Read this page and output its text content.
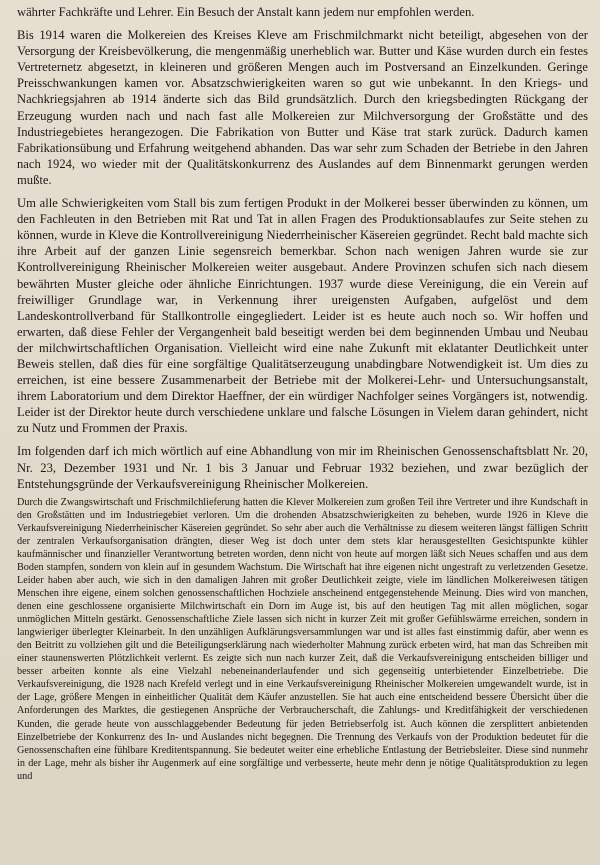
währter Fachkräfte und Lehrer. Ein Besuch der Anstalt kann jedem nur empfohlen werden.

Bis 1914 waren die Molkereien des Kreises Kleve am Frischmilchmarkt nicht beteiligt, abgesehen von der Versorgung der Kreisbevölkerung, die mengenmäßig unerheblich war. Butter und Käse wurden durch ein festes Vertreternetz abgesetzt, in kleineren und größeren Mengen auch im Postversand an Einzelkunden. Geringe Preisschwankungen kamen vor. Absatzschwierigkeiten waren so gut wie unbekannt. In den Kriegs- und Nachkriegsjahren ab 1914 änderte sich das Bild grundsätzlich. Durch den kriegsbedingten Rückgang der Erzeugung wurden nach und nach fast alle Molkereien zur Milchversorgung der Großstätte und des Industriegebietes herangezogen. Die Fabrikation von Butter und Käse trat stark zurück. Dadurch kamen Fabrikationsübung und Erfahrung weitgehend abhanden. Das war sehr zum Schaden der Betriebe in den Jahren nach 1924, wo wieder mit der Qualitätskonkurrenz des Auslandes auf dem Binnenmarkt gerungen werden mußte.

Um alle Schwierigkeiten vom Stall bis zum fertigen Produkt in der Molkerei besser überwinden zu können, um den Fachleuten in den Betrieben mit Rat und Tat in allen Fragen des Produktionsablaufes zur Seite stehen zu können, wurde in Kleve die Kontrollvereinigung Niederrheinischer Käsereien gegründet. Recht bald machte sich ihre Arbeit auf der ganzen Linie segensreich bemerkbar. Schon nach wenigen Jahren wurde sie zur Kontrollvereinigung Rheinischer Molkereien weiter ausgebaut. Andere Provinzen schufen sich nach diesem bewährten Muster gleiche oder ähnliche Einrichtungen. 1937 wurde diese Vereinigung, die ein Verein auf freiwilliger Grundlage war, in Verkennung ihrer ureigensten Aufgaben, aufgelöst und dem Landeskontrollverband für Stallkontrolle eingegliedert. Leider ist es heute auch noch so. Wir hoffen und erwarten, daß diese Fehler der Vergangenheit bald beseitigt werden bei dem beginnenden Umbau und Neubau der milchwirtschaftlichen Organisation. Vielleicht wird eine nahe Zukunft mit eklatanter Deutlichkeit unter Beweis stellen, daß dies für eine sorgfältige Qualitätserzeugung unabdingbare Notwendigkeit ist. Um dies zu erreichen, ist eine bessere Zusammenarbeit der Betriebe mit der Molkerei-Lehr- und Untersuchungsanstalt, ihrem Laboratorium und dem Direktor Haeffner, der ein würdiger Nachfolger seines Vorgängers ist, notwendig. Leider ist der Direktor heute durch verschiedene unklare und falsche Lösungen in Vielem daran gehindert, nicht zu Nutz und Frommen der Praxis.

Im folgenden darf ich mich wörtlich auf eine Abhandlung von mir im Rheinischen Genossenschaftsblatt Nr. 20, Nr. 23, Dezember 1931 und Nr. 1 bis 3 Januar und Februar 1932 beziehen, und zwar bezüglich der Entstehungsgründe der Verkaufsvereinigung Rheinischer Molkereien.

Durch die Zwangswirtschaft und Frischmilchlieferung hatten die Klever Molkereien zum großen Teil ihre Vertreter und ihre Kundschaft in den Großstätten und im Industriegebiet verloren. Um die drohenden Absatzschwierigkeiten zu beheben, wurde 1926 in Kleve die Verkaufsvereinigung Niederrheinischer Käsereien gegründet. So sehr aber auch die Verhältnisse zu diesem weiteren längst fälligen Schritt der zentralen Verkaufsorganisation drängten, dieser Weg ist doch unter dem stets klar herausgestellten Gesichtspunkte kühler kaufmännischer und finanzieller Verantwortung betreten worden, denn nicht von heute auf morgen läßt sich Neues schaffen und aus dem Boden stampfen, sondern von klein auf in gesundem Wachstum. Die Wirtschaft hat ihre eigenen nicht ungestraft zu verletzenden Gesetze. Leider haben aber auch, wie sich in den damaligen Jahren mit großer Deutlichkeit zeigte, viele im ländlichen Molkereiwesen tätigen Menschen ihre eigene, einem solchen genossenschaftlichen Hochziele anscheinend entgegenstehende Meinung. Dies wird von manchen, denen eine geschlossene organisierte Milchwirtschaft ein Dorn im Auge ist, bis auf den heutigen Tag mit allen möglichen, sogar unmöglichen Mitteln gestärkt. Genossenschaftliche Ziele lassen sich nicht in kurzer Zeit mit großer Gefühlswärme erreichen, sondern in langwieriger überlegter Kleinarbeit. In den unzähligen Aufklärungsversammlungen war und ist alles fast einstimmig dafür, aber wenn es den Beitritt zu vollziehen gilt und die Beteiligungserklärung nach wiederholter Mahnung zurück erbeten wird, hat man das Schreiben mit einer staunenswerten Plötzlichkeit verlernt. Es zeigte sich nun nach kurzer Zeit, daß die Verkaufsvereinigung entscheiden billiger und besser arbeiten konnte als eine Vielzahl nebeneinanderlaufender und sich gegenseitig unterbietender Einzelbetriebe. Die Verkaufsvereinigung, die 1928 nach Krefeld verlegt und in eine Verkaufsvereinigung Rheinischer Molkereien umgewandelt wurde, ist in der Lage, größere Mengen in einheitlicher Qualität dem Käufer anzustellen. Sie hat auch eine entscheidend bessere Übersicht über die Anforderungen des Marktes, die gestiegenen Ansprüche der Verbraucherschaft, die Zahlungs- und Kreditfähigkeit der verschiedenen Kunden, die gerade heute von ausschlaggebender Bedeutung für jeden Betriebserfolg ist. Auch können die zersplittert anbietenden Einzelbetriebe der Konkurrenz des In- und Auslandes nicht begegnen. Die Trennung des Verkaufs von der Produktion bedeutet für die Genossenschaften eine fühlbare Kreditentspannung. Sie bedeutet weiter eine erhebliche Entlastung der Betriebsleiter. Diese sind nunmehr in der Lage, mehr als bisher ihr Augenmerk auf eine sorgfältige und verbesserte, heute mehr denn je nötige Qualitätsproduktion zu legen und
